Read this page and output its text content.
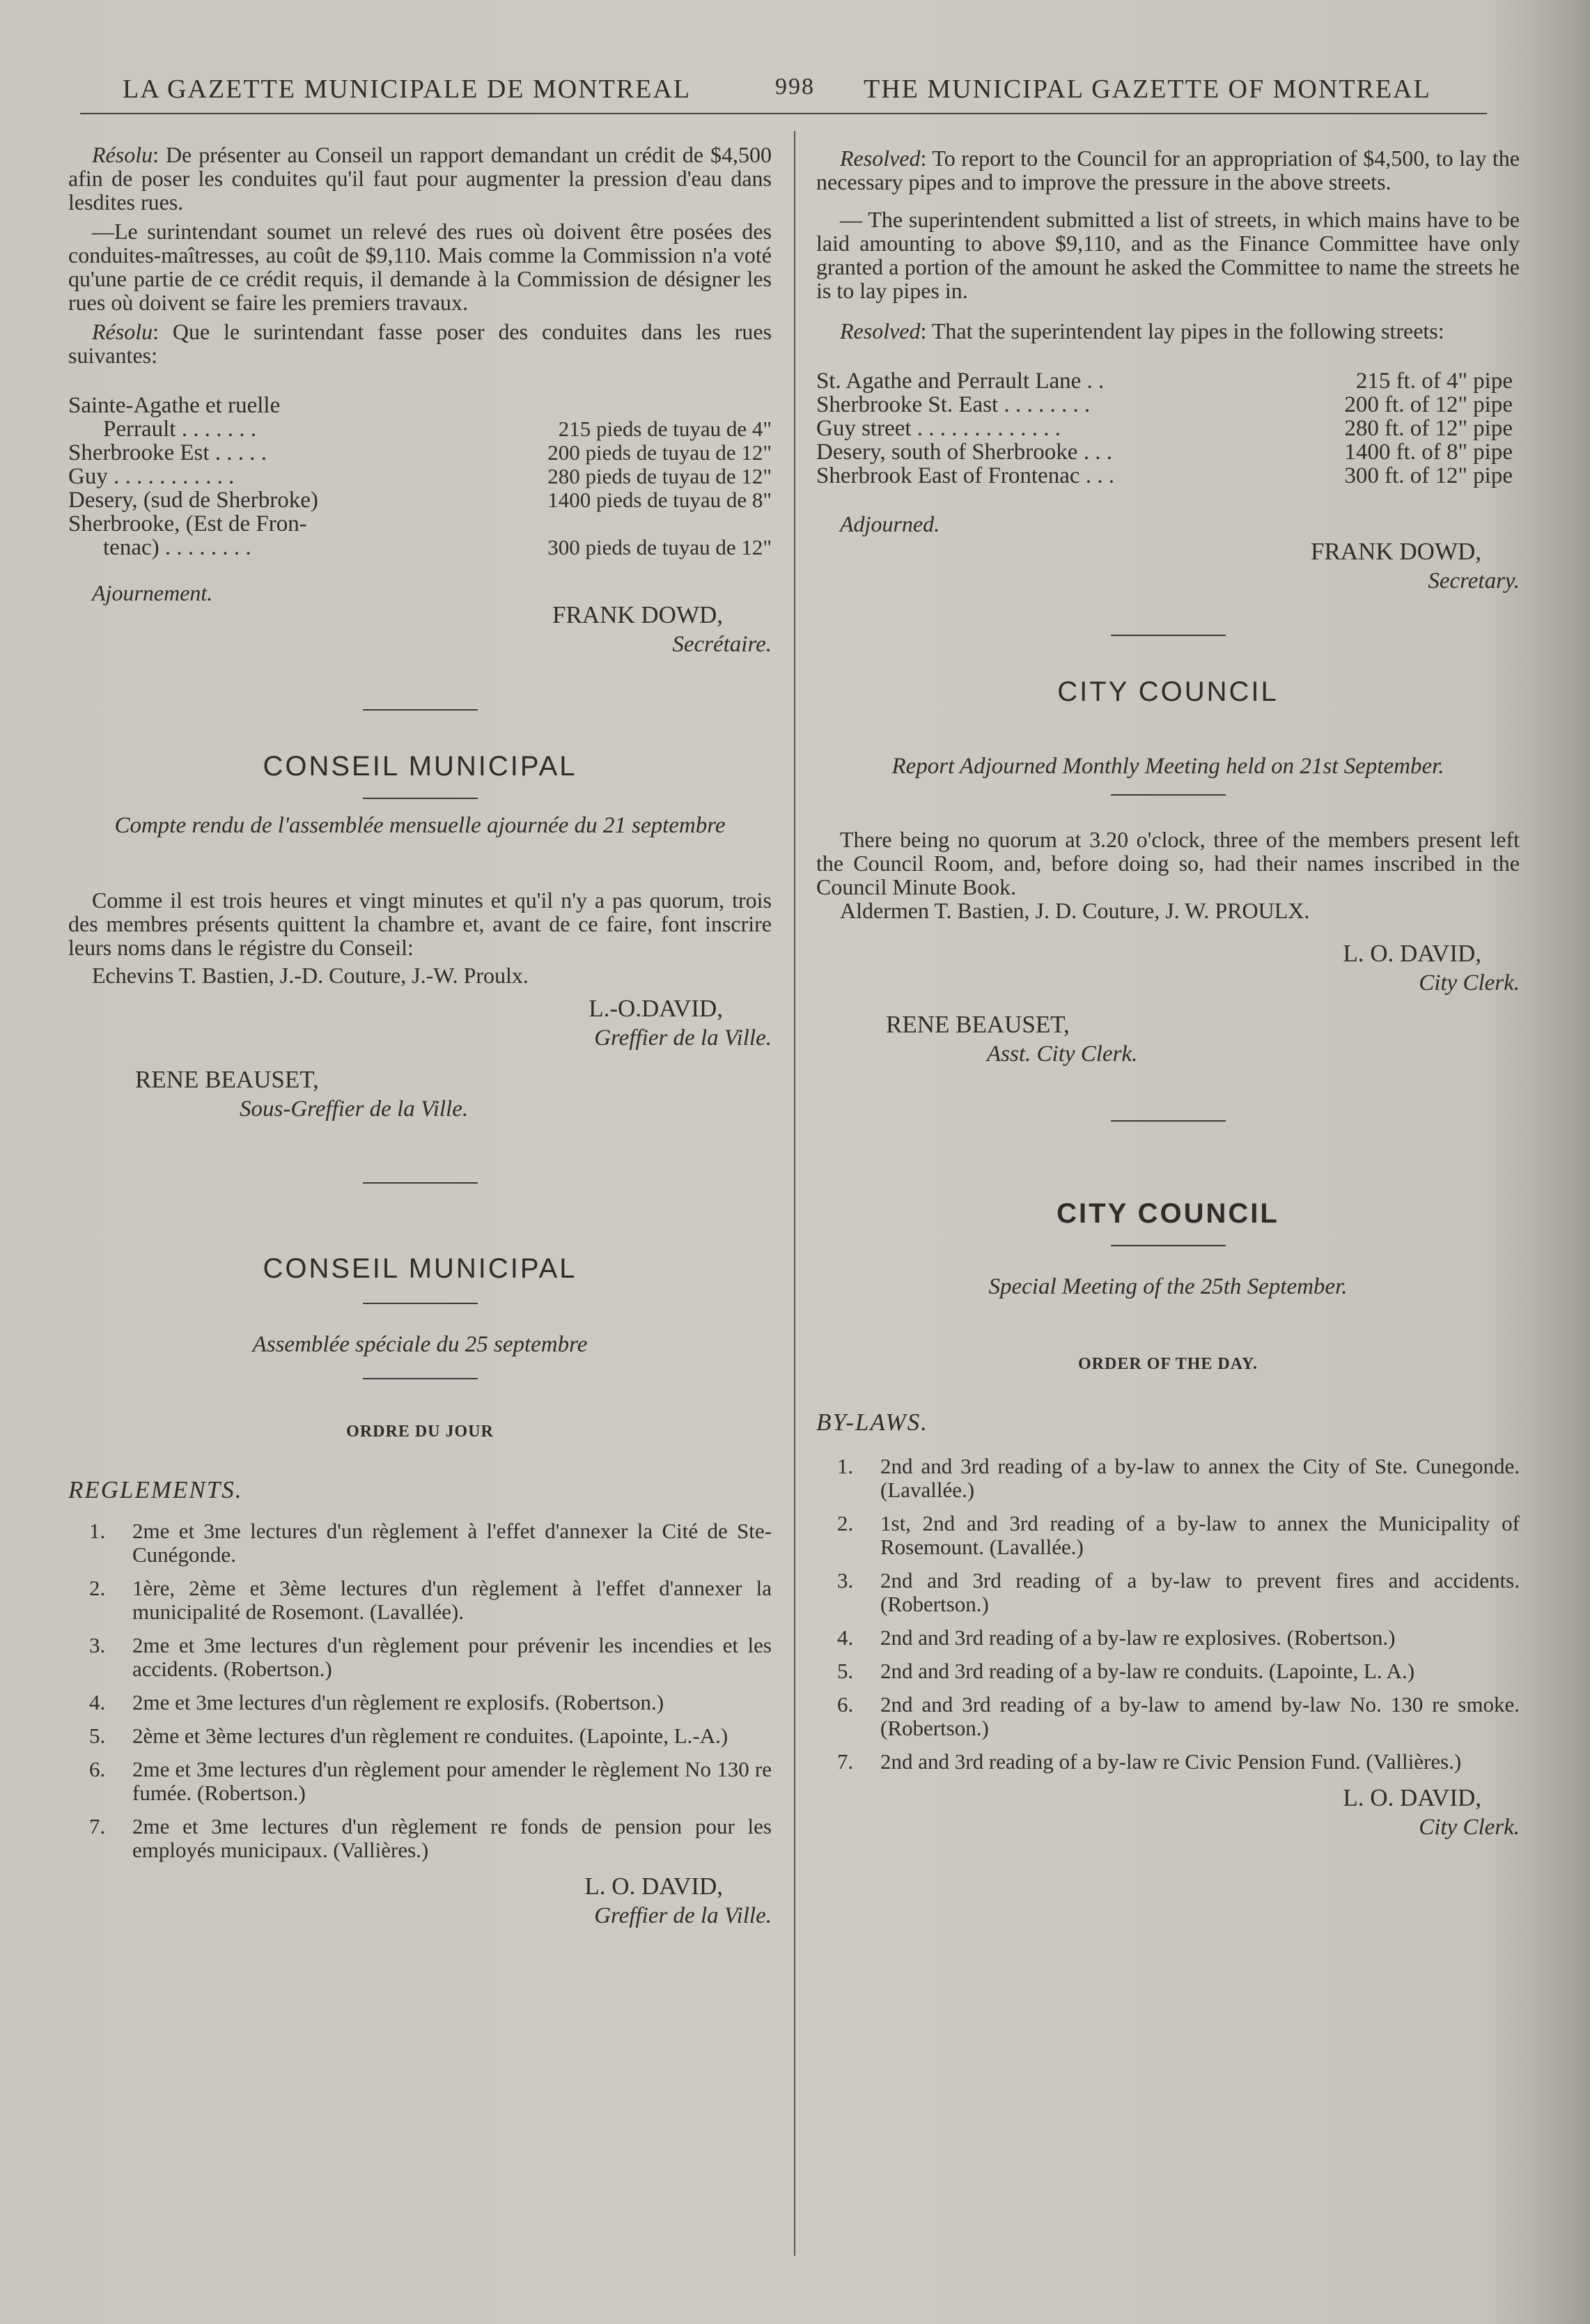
LA GAZETTE MUNICIPALE DE MONTREAL	998 THE MUNICIPAL GAZETTE OF MONTREAL

Résolu: De présenter au Conseil un rapport demandant un crédit de $4,500 afin de poser les conduites qu'il faut pour augmenter la pression d'eau dans lesdites rues.

—Le surintendant soumet un relevé des rues où doivent être posées des conduites-maîtresses, au coût de $9,110. Mais comme la Commission n'a voté qu'une partie de ce crédit requis, il demande à la Commission de désigner les rues où doivent se faire les premiers travaux.

Résolu: Que le surintendant fasse poser des conduites dans les rues suivantes:

Sainte-Agathe et ruelle	
Perrault . . . . . . .	215 pieds de tuyau de 4"
Sherbrooke Est . . . . .	200 pieds de tuyau de 12"
Guy . . . . . . . . . . .	280 pieds de tuyau de 12"
Desery, (sud de Sherbroke)	1400 pieds de tuyau de 8"
Sherbrooke, (Est de Fron-	
tenac) . . . . . . . .	300 pieds de tuyau de 12"

Ajournement.

FRANK DOWD,
Secrétaire.

CONSEIL MUNICIPAL

Compte rendu de l'assemblée mensuelle ajournée du 21 septembre

Comme il est trois heures et vingt minutes et qu'il n'y a pas quorum, trois des membres présents quittent la chambre et, avant de ce faire, font inscrire leurs noms dans le régistre du Conseil:

Echevins T. Bastien, J.-D. Couture, J.-W. Proulx.

L.-O.DAVID,
Greffier de la Ville.
RENE BEAUSET,
Sous-Greffier de la Ville.

CONSEIL MUNICIPAL

Assemblée spéciale du 25 septembre

ORDRE DU JOUR

REGLEMENTS.

1. 2me et 3me lectures d'un règlement à l'effet d'annexer la Cité de Ste-Cunégonde.
2. 1ère, 2ème et 3ème lectures d'un règlement à l'effet d'annexer la municipalité de Rosemont. (Lavallée).
3. 2me et 3me lectures d'un règlement pour prévenir les incendies et les accidents. (Robertson.)
4. 2me et 3me lectures d'un règlement re explosifs. (Robertson.)
5. 2ème et 3ème lectures d'un règlement re conduites. (Lapointe, L.-A.)
6. 2me et 3me lectures d'un règlement pour amender le règlement No 130 re fumée. (Robertson.)
7. 2me et 3me lectures d'un règlement re fonds de pension pour les employés municipaux. (Vallières.)
L. O. DAVID,
Greffier de la Ville.

Resolved: To report to the Council for an appropriation of $4,500, to lay the necessary pipes and to improve the pressure in the above streets.

— The superintendent submitted a list of streets, in which mains have to be laid amounting to above $9,110, and as the Finance Committee have only granted a portion of the amount he asked the Committee to name the streets he is to lay pipes in.

Resolved: That the superintendent lay pipes in the following streets:

St. Agathe and Perrault Lane . .	215 ft. of 4" pipe
Sherbrooke St. East . . . . . . . .	200 ft. of 12" pipe
Guy street . . . . . . . . . . . . .	280 ft. of 12" pipe
Desery, south of Sherbrooke . . .	1400 ft. of 8" pipe
Sherbrook East of Frontenac . . .	300 ft. of 12" pipe

Adjourned.

FRANK DOWD,
Secretary.

CITY COUNCIL

Report Adjourned Monthly Meeting held on 21st September.

There being no quorum at 3.20 o'clock, three of the members present left the Council Room, and, before doing so, had their names inscribed in the Council Minute Book.

Aldermen T. Bastien, J. D. Couture, J. W. PROULX.

L. O. DAVID,
City Clerk.
RENE BEAUSET,
Asst. City Clerk.

CITY COUNCIL

Special Meeting of the 25th September.

ORDER OF THE DAY.

BY-LAWS.

1. 2nd and 3rd reading of a by-law to annex the City of Ste. Cunegonde. (Lavallée.)
2. 1st, 2nd and 3rd reading of a by-law to annex the Municipality of Rosemount. (Lavallée.)
3. 2nd and 3rd reading of a by-law to prevent fires and accidents. (Robertson.)
4. 2nd and 3rd reading of a by-law re explosives. (Robertson.)
5. 2nd and 3rd reading of a by-law re conduits. (Lapointe, L. A.)
6. 2nd and 3rd reading of a by-law to amend by-law No. 130 re smoke. (Robertson.)
7. 2nd and 3rd reading of a by-law re Civic Pension Fund. (Vallières.)
L. O. DAVID,
City Clerk.
